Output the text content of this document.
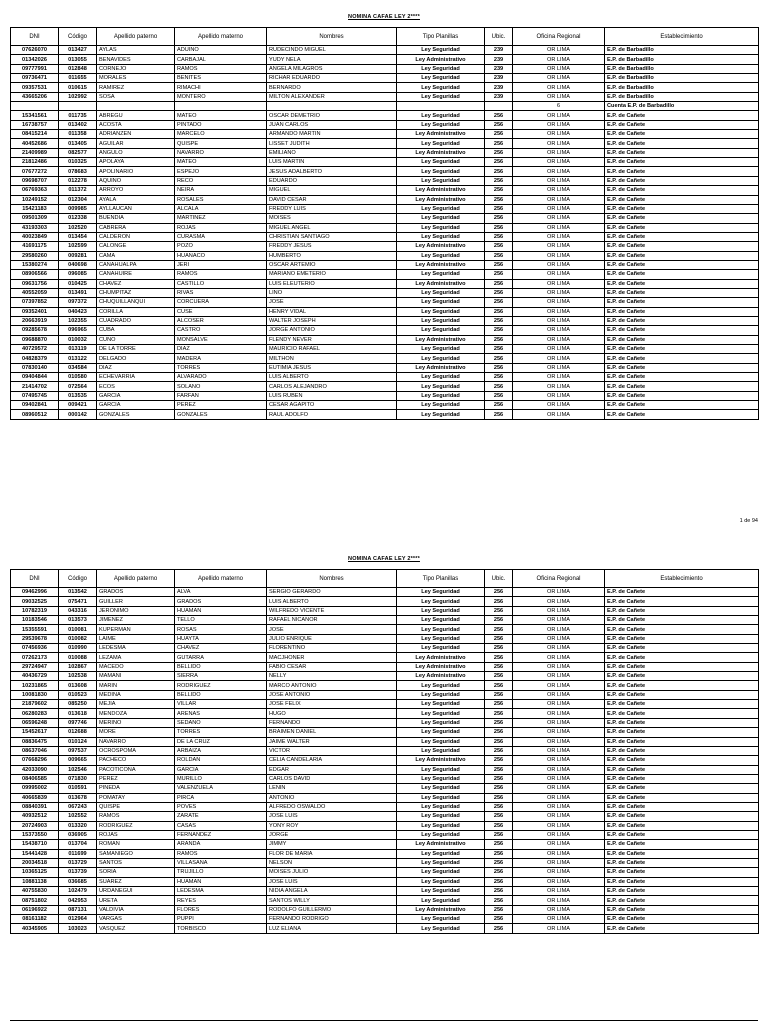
NOMINA CAFAE LEY 2****
DNI	Código	Apellido paterno	Apellido materno	Nombres	Tipo Planillas	Ubic.	Oficina Regional	Establecimiento
07626070	013427	AYLAS	ADUINO	RUDECINDO MIGUEL	Ley Seguridad	239	OR LIMA	E.P. de Barbadillo
01342026	013055	BENAVIDES	CARBAJAL	YUDY NELA	Ley Administrativo	239	OR LIMA	E.P. de Barbadillo
09777991	012848	CORNEJO	RAMOS	ANGELA MILAGROS	Ley Seguridad	239	OR LIMA	E.P. de Barbadillo
09736471	011655	MORALES	BENITES	RICHAR EDUARDO	Ley Seguridad	239	OR LIMA	E.P. de Barbadillo
09357531	010615	RAMIREZ	RIMACHI	BERNARDO	Ley Seguridad	239	OR LIMA	E.P. de Barbadillo
43665206	102992	SOSA	MONTERO	MILTON ALEXANDER	Ley Seguridad	239	OR LIMA	E.P. de Barbadillo
							6	Cuenta E.P. de Barbadillo
15341561	011735	ABREGU	MATEO	OSCAR DEMETRIO	Ley Seguridad	256	OR LIMA	E.P. de Cañete
16738757	013402	ACOSTA	PINTADO	JUAN CARLOS	Ley Seguridad	256	OR LIMA	E.P. de Cañete
08415214	011358	ADRIANZEN	MARCELO	ARMANDO MARTIN	Ley Administrativo	256	OR LIMA	E.P. de Cañete
40452686	013405	AGUILAR	QUISPE	LISSET JUDITH	Ley Seguridad	256	OR LIMA	E.P. de Cañete
21409989	082577	ANGULO	NAVARRO	EMILIANO	Ley Administrativo	256	OR LIMA	E.P. de Cañete
21812486	010325	APOLAYA	MATEO	LUIS MARTIN	Ley Seguridad	256	OR LIMA	E.P. de Cañete
07677272	078683	APOLINARIO	ESPEJO	JESUS ADALBERTO	Ley Seguridad	256	OR LIMA	E.P. de Cañete
09698707	012278	AQUINO	RECO	EDUARDO	Ley Seguridad	256	OR LIMA	E.P. de Cañete
06769363	011372	ARROYO	NEIRA	MIGUEL	Ley Administrativo	256	OR LIMA	E.P. de Cañete
10249152	012304	AYALA	ROSALES	DAVID CESAR	Ley Administrativo	256	OR LIMA	E.P. de Cañete
15421183	009985	AYLLAUCAN	ALCALA	FREDDY LUIS	Ley Seguridad	256	OR LIMA	E.P. de Cañete
09501309	012338	BUENDIA	MARTINEZ	MOISES	Ley Seguridad	256	OR LIMA	E.P. de Cañete
43193303	102520	CABRERA	ROJAS	MIGUEL ANGEL	Ley Seguridad	256	OR LIMA	E.P. de Cañete
40023849	013454	CALDERON	CURASMA	CHRISTIAN SANTIAGO	Ley Seguridad	256	OR LIMA	E.P. de Cañete
41691175	102599	CALONGE	POZO	FREDDY JESUS	Ley Administrativo	256	OR LIMA	E.P. de Cañete
29580260	009281	CAMA	HUANACO	HUMBERTO	Ley Seguridad	256	OR LIMA	E.P. de Cañete
15380274	040698	CANAHUALPA	JERI	OSCAR ARTEMIO	Ley Administrativo	256	OR LIMA	E.P. de Cañete
08906566	096085	CANAHUIRE	RAMOS	MARIANO EMETERIO	Ley Seguridad	256	OR LIMA	E.P. de Cañete
09631756	010425	CHAVEZ	CASTILLO	LUIS ELEUTERIO	Ley Administrativo	256	OR LIMA	E.P. de Cañete
40552059	013491	CHUMPITAZ	RIVAS	LINO	Ley Seguridad	256	OR LIMA	E.P. de Cañete
07397852	097372	CHUQUILLANQUI	CORCUERA	JOSE	Ley Seguridad	256	OR LIMA	E.P. de Cañete
09352401	040423	CORILLA	CUSE	HENRY VIDAL	Ley Seguridad	256	OR LIMA	E.P. de Cañete
20663919	102355	CUADRADO	ALCOSER	WALTER JOSEPH	Ley Seguridad	256	OR LIMA	E.P. de Cañete
09285678	096965	CUBA	CASTRO	JORGE ANTONIO	Ley Seguridad	256	OR LIMA	E.P. de Cañete
09688870	010032	CUNO	MONSALVE	FLENDY NEVER	Ley Administrativo	256	OR LIMA	E.P. de Cañete
40729572	013119	DE LA TORRE	DIAZ	MAURICIO RAFAEL	Ley Seguridad	256	OR LIMA	E.P. de Cañete
04828379	013122	DELGADO	MADERA	MILTHON	Ley Seguridad	256	OR LIMA	E.P. de Cañete
07830140	034584	DIAZ	TORRES	EUTIMIA JESUS	Ley Administrativo	256	OR LIMA	E.P. de Cañete
09404844	010580	ECHEVARRIA	ALVARADO	LUIS ALBERTO	Ley Seguridad	256	OR LIMA	E.P. de Cañete
21414702	072564	ECOS	SOLANO	CARLOS ALEJANDRO	Ley Seguridad	256	OR LIMA	E.P. de Cañete
07495745	013535	GARCIA	FARFAN	LUIS RUBEN	Ley Seguridad	256	OR LIMA	E.P. de Cañete
09402841	009421	GARCIA	PEREZ	CESAR AGAPITO	Ley Seguridad	256	OR LIMA	E.P. de Cañete
08960512	000142	GONZALES	GONZALES	RAUL ADOLFO	Ley Seguridad	256	OR LIMA	E.P. de Cañete
1 de 94
NOMINA CAFAE LEY 2****
DNI	Código	Apellido paterno	Apellido materno	Nombres	Tipo Planillas	Ubic.	Oficina Regional	Establecimiento
09462996	013542	GRADOS	ALVA	SERGIO GERARDO	Ley Seguridad	256	OR LIMA	E.P. de Cañete
09032525	075471	GUILLER	GRADOS	LUIS ALBERTO	Ley Seguridad	256	OR LIMA	E.P. de Cañete
10782319	043316	JERONIMO	HUAMAN	WILFREDO VICENTE	Ley Seguridad	256	OR LIMA	E.P. de Cañete
10183546	013573	JIMENEZ	TELLO	RAFAEL NICANOR	Ley Seguridad	256	OR LIMA	E.P. de Cañete
15355591	010081	KUPERMAN	ROSAS	JOSE	Ley Seguridad	256	OR LIMA	E.P. de Cañete
29539678	010082	LAIME	HUAYTA	JULIO ENRIQUE	Ley Seguridad	256	OR LIMA	E.P. de Cañete
07456936	010990	LEDESMA	CHAVEZ	FLORENTINO	Ley Seguridad	256	OR LIMA	E.P. de Cañete
07262173	010088	LEZAMA	GUTARRA	MACJHONER	Ley Administrativo	256	OR LIMA	E.P. de Cañete
29724947	102867	MACEDO	BELLIDO	FABIO CESAR	Ley Administrativo	256	OR LIMA	E.P. de Cañete
40436729	102538	MAMANI	SIERRA	NELLY	Ley Administrativo	256	OR LIMA	E.P. de Cañete
10231865	013608	MARIN	RODRIGUEZ	MARCO ANTONIO	Ley Seguridad	256	OR LIMA	E.P. de Cañete
10081830	010523	MEDINA	BELLIDO	JOSE ANTONIO	Ley Seguridad	256	OR LIMA	E.P. de Cañete
21879602	085250	MEJIA	VILLAR	JOSE FELIX	Ley Seguridad	256	OR LIMA	E.P. de Cañete
06280283	013618	MENDOZA	ARENAS	HUGO	Ley Seguridad	256	OR LIMA	E.P. de Cañete
06596248	097746	MERINO	SEDANO	FERNANDO	Ley Seguridad	256	OR LIMA	E.P. de Cañete
15452617	012688	MORE	TORRES	BRAIMEN DANIEL	Ley Seguridad	256	OR LIMA	E.P. de Cañete
08836475	010124	NAVARRO	DE LA CRUZ	JAIME WALTER	Ley Seguridad	256	OR LIMA	E.P. de Cañete
08637046	097537	OCROSPOMA	ARBAIZA	VICTOR	Ley Seguridad	256	OR LIMA	E.P. de Cañete
07668296	009665	PACHECO	ROLDAN	CELIA CANDELARIA	Ley Administrativo	256	OR LIMA	E.P. de Cañete
42033090	102546	PACOTICONA	GARCIA	EDGAR	Ley Seguridad	256	OR LIMA	E.P. de Cañete
08406585	071830	PEREZ	MURILLO	CARLOS DAVID	Ley Seguridad	256	OR LIMA	E.P. de Cañete
09995002	010591	PINEDA	VALENZUELA	LENIN	Ley Seguridad	256	OR LIMA	E.P. de Cañete
40665839	013678	POMATAY	PIRCA	ANTONIO	Ley Seguridad	256	OR LIMA	E.P. de Cañete
08840391	067243	QUISPE	POVES	ALFREDO OSWALDO	Ley Seguridad	256	OR LIMA	E.P. de Cañete
40932512	102552	RAMOS	ZARATE	JOSE LUIS	Ley Seguridad	256	OR LIMA	E.P. de Cañete
20724903	013320	RODRIGUEZ	CASAS	YONY ROY	Ley Seguridad	256	OR LIMA	E.P. de Cañete
15373550	036905	ROJAS	FERNANDEZ	JORGE	Ley Seguridad	256	OR LIMA	E.P. de Cañete
15438710	013704	ROMAN	ARANDA	JIMMY	Ley Administrativo	256	OR LIMA	E.P. de Cañete
15441428	011699	SAMANIEGO	RAMOS	FLOR DE MARIA	Ley Seguridad	256	OR LIMA	E.P. de Cañete
20034518	013729	SANTOS	VILLASANA	NELSON	Ley Seguridad	256	OR LIMA	E.P. de Cañete
10365125	013739	SORIA	TRUJILLO	MOISES JULIO	Ley Seguridad	256	OR LIMA	E.P. de Cañete
10881138	036685	SUAREZ	HUAMAN	JOSE LUIS	Ley Seguridad	256	OR LIMA	E.P. de Cañete
40755830	102479	URDANEGUI	LEDESMA	NIDIA ANGELA	Ley Seguridad	256	OR LIMA	E.P. de Cañete
08751802	042953	URETA	REYES	SANTOS WILLY	Ley Seguridad	256	OR LIMA	E.P. de Cañete
06196922	087131	VALDIVIA	FLORES	RODOLFO GUILLERMO	Ley Administrativo	256	OR LIMA	E.P. de Cañete
08161182	012964	VARGAS	PUPPI	FERNANDO RODRIGO	Ley Seguridad	256	OR LIMA	E.P. de Cañete
40345905	103023	VASQUEZ	TORBISCO	LUZ ELIANA	Ley Seguridad	256	OR LIMA	E.P. de Cañete
